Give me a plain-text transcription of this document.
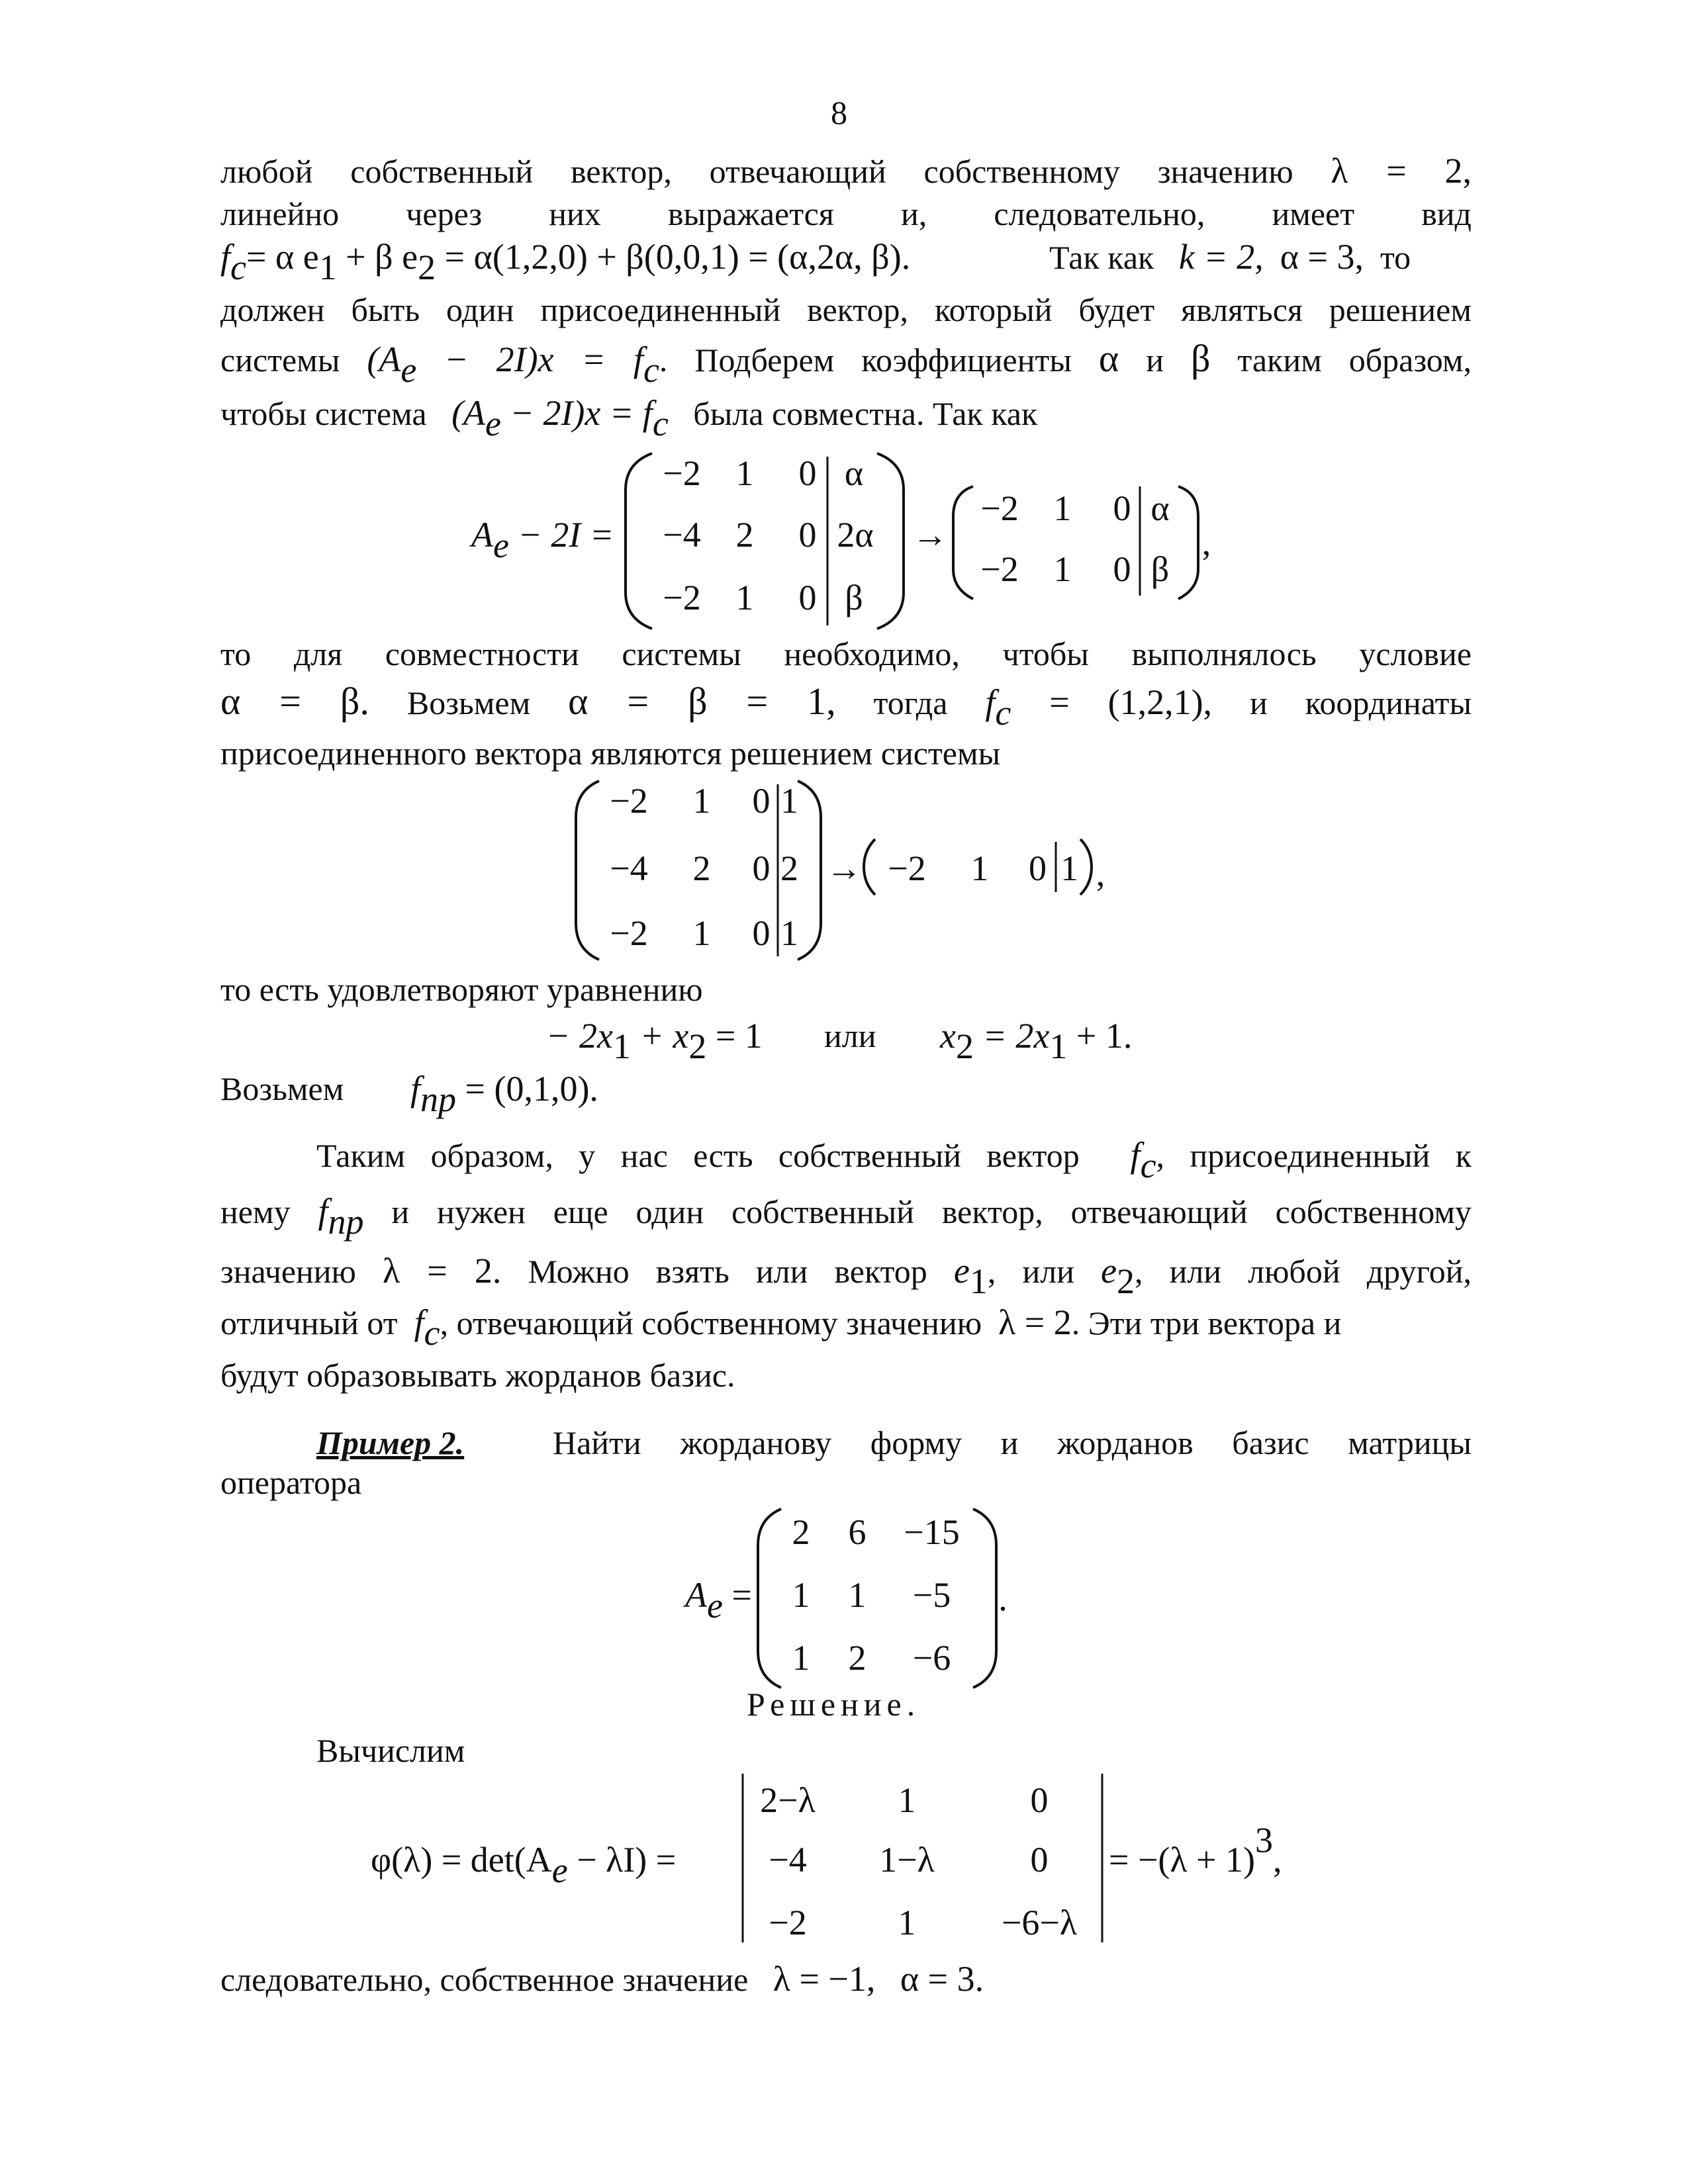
8
любой собственный вектор, отвечающий собственному значению λ = 2,
линейно через них выражается и, следовательно, имеет вид
$f_c= \alpha$ $e_1 + \beta$ $e_2 = \alpha(1,2,0) + \beta(0,0,1) = (\alpha,2\alpha$, β).	Так как k = 2, α = 3, то
должен быть один присоединенный вектор, который будет являться решением
системы $(A_e - 2I)x = f_c$. Подберем коэффициенты α и β таким образом,
чтобы система $(A_e - 2I)x = f_c$ была совместна. Так как
$A_e - 2I$ =
−2 1	0 α
−4 2	0 2α
−2 1	0 β
→
−2 1 0 α
−2 1 0 β
,
то для совместности системы необходимо, чтобы выполнялось условие
α = β. Возьмем α = β = 1, тогда $f_c = (1,2,1)$, и координаты
присоединенного вектора являются решением системы
−2	1	0 1
−4	2	0 2
−2	1	0 1
→ −2	1 0 1 ,
то есть удовлетворяют уравнению
− $2x_1 + x_2 = 1$ или $x_2 = 2x_1 + 1$.
Возьмем $f_{пр} = (0,1,0)$.
Таким образом, у нас есть собственный вектор $f_c$, присоединенный к
нему $f_{пр}$ и нужен еще один собственный вектор, отвечающий собственному
значению λ = 2. Можно взять или вектор $e_1$, или $e_2$, или любой другой,
отличный от $f_c$, отвечающий собственному значению λ = 2. Эти три вектора и
будут образовывать жорданов базис.
Пример 2.	Найти жорданову форму и жорданов базис матрицы
оператора
$A_e$ =
2	6	−15
1	1	−5
1	2	−6
.
Решение.
Вычислим
$\varphi(\lambda) = \det(A_e - \lambda I)$ =
2−λ	1	0
−4	1−λ	0
−2	1	−6−λ
= $-(\lambda + 1)^3$,
следовательно, собственное значение λ = −1, α = 3.
